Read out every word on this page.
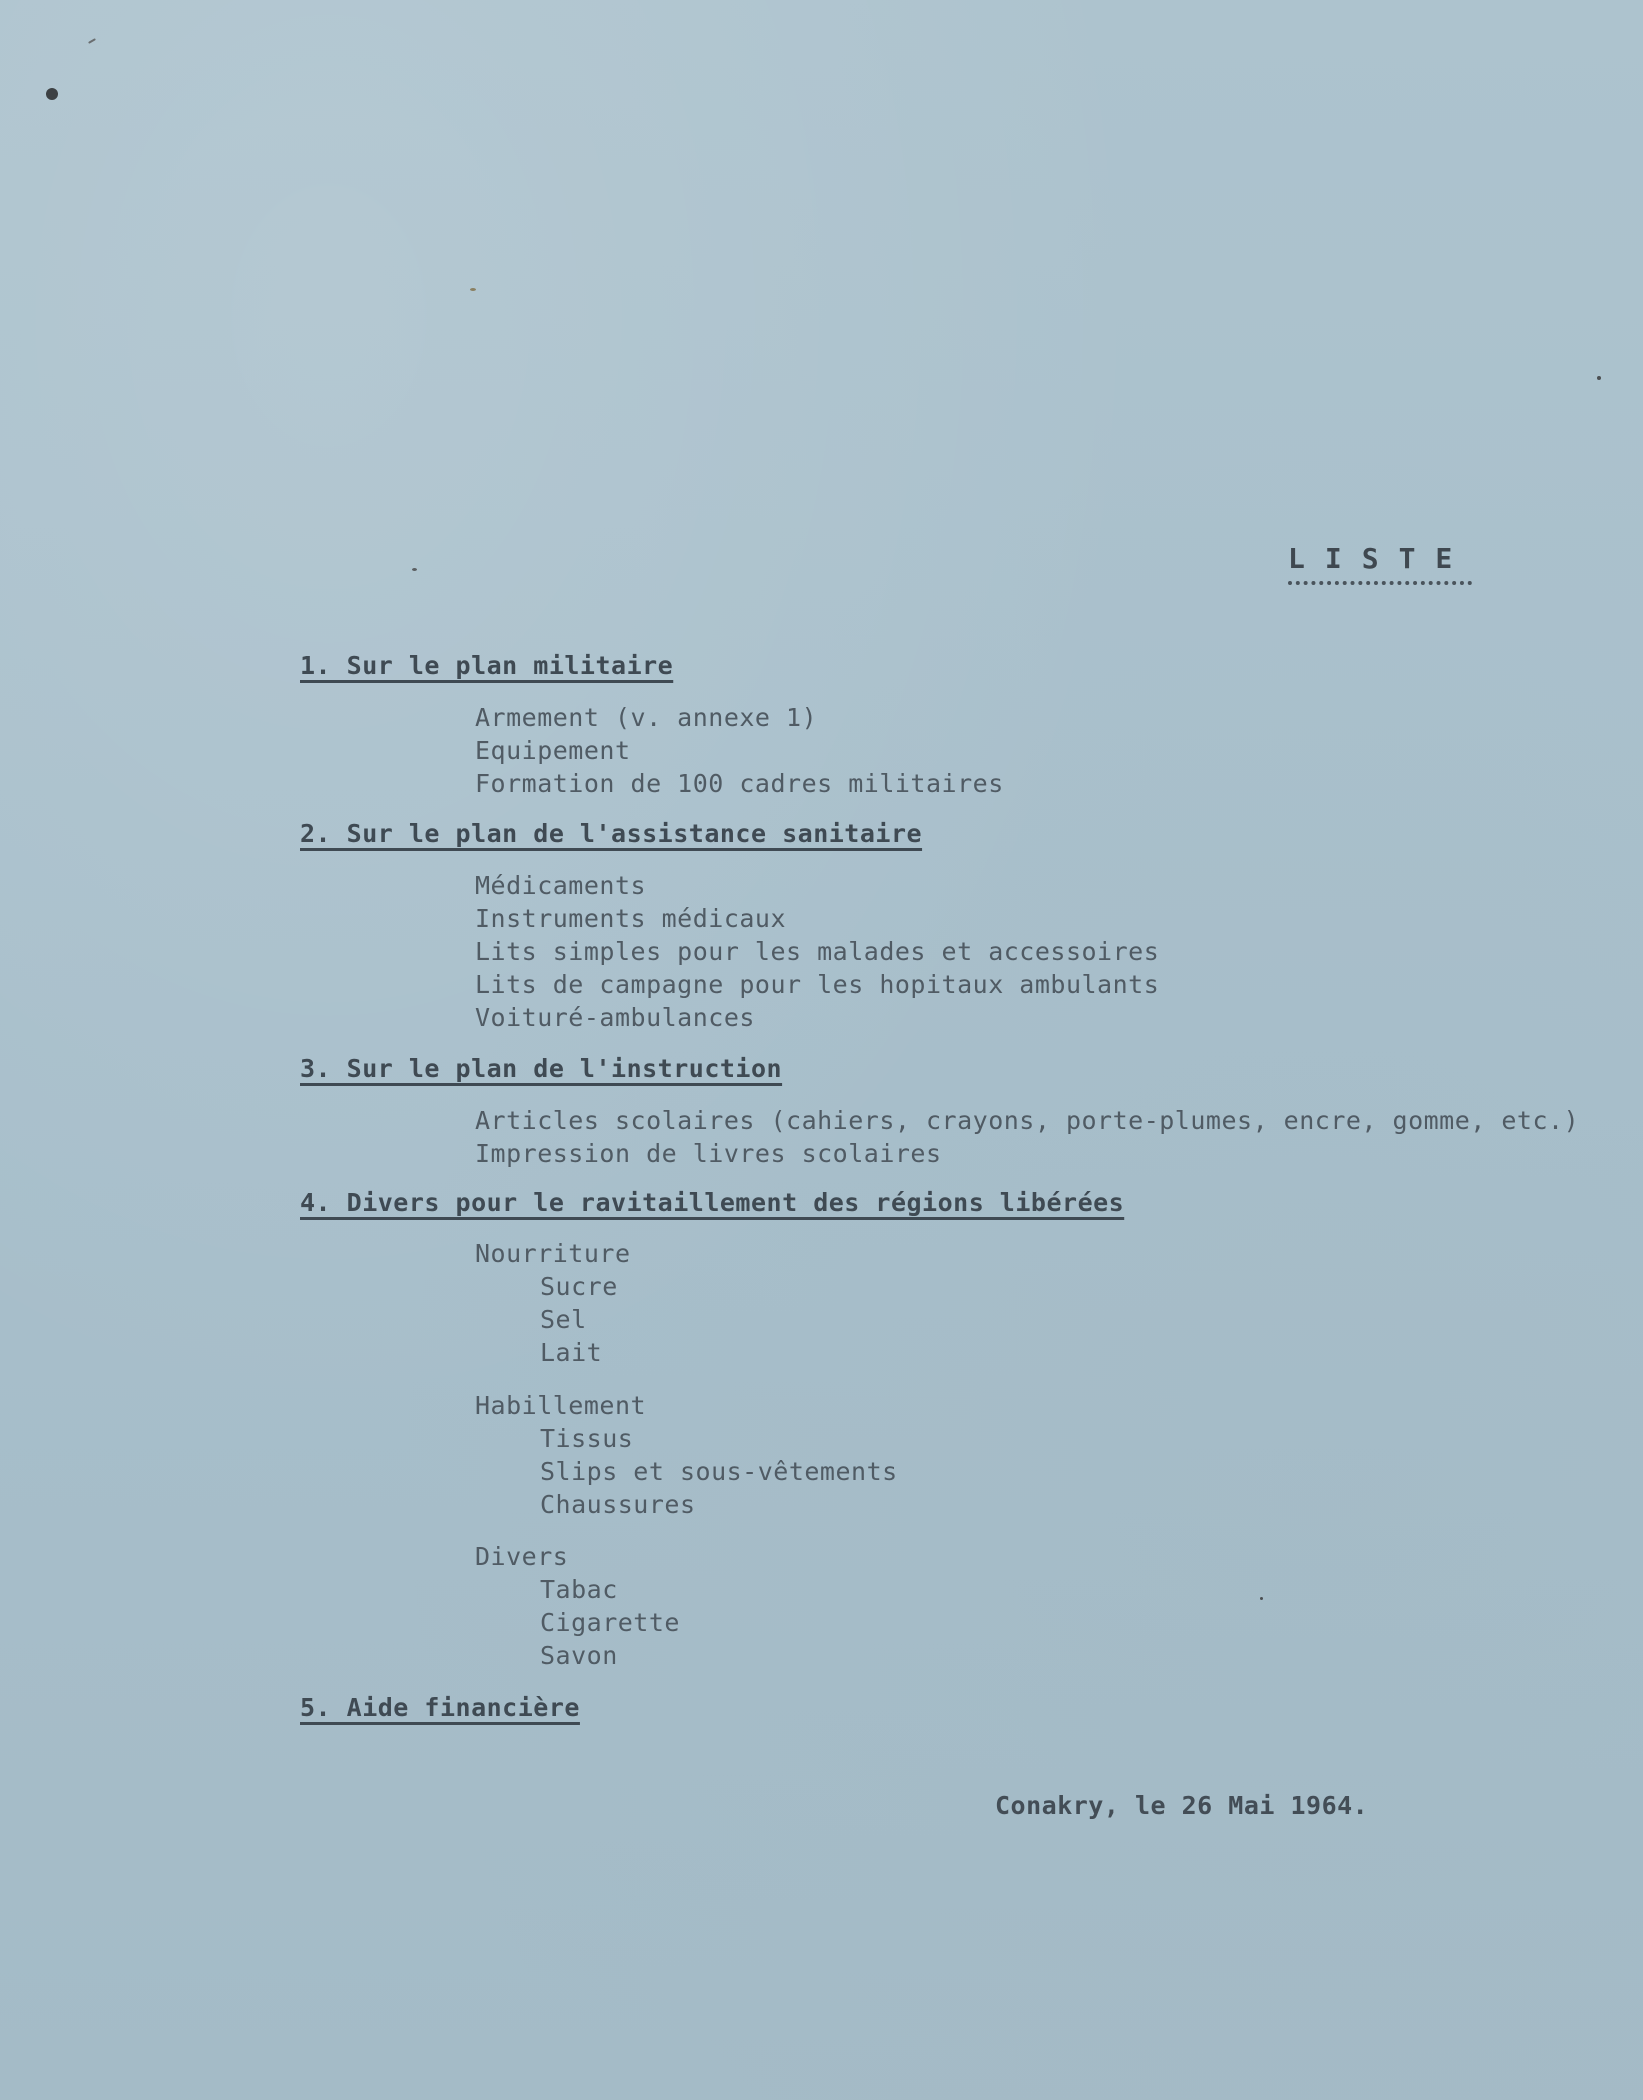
LISTE
1. Sur le plan militaire
Armement (v. annexe 1)
Equipement
Formation de 100 cadres militaires
2. Sur le plan de l'assistance sanitaire
Médicaments
Instruments médicaux
Lits simples pour les malades et accessoires
Lits de campagne pour les hopitaux ambulants
Voituré-ambulances
3. Sur le plan de l'instruction
Articles scolaires (cahiers, crayons, porte-plumes, encre, gomme, etc.)
Impression de livres scolaires
4. Divers pour le ravitaillement des régions libérées
Nourriture
Sucre
Sel
Lait
Habillement
Tissus
Slips et sous-vêtements
Chaussures
Divers
Tabac
Cigarette
Savon
5. Aide financière
Conakry, le 26 Mai 1964.
